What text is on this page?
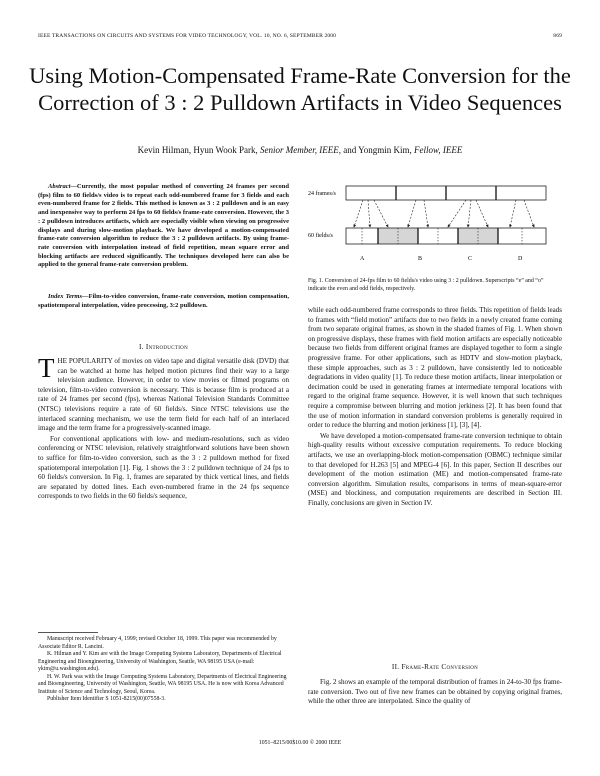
IEEE TRANSACTIONS ON CIRCUITS AND SYSTEMS FOR VIDEO TECHNOLOGY, VOL. 10, NO. 6, SEPTEMBER 2000	869
Using Motion-Compensated Frame-Rate Conversion for the Correction of 3 : 2 Pulldown Artifacts in Video Sequences
Kevin Hilman, Hyun Wook Park, Senior Member, IEEE, and Yongmin Kim, Fellow, IEEE
Abstract—Currently, the most popular method of converting 24 frames per second (fps) film to 60 fields/s video is to repeat each odd-numbered frame for 3 fields and each even-numbered frame for 2 fields. This method is known as 3 : 2 pulldown and is an easy and inexpensive way to perform 24 fps to 60 fields/s frame-rate conversion. However, the 3 : 2 pulldown introduces artifacts, which are especially visible when viewing on progressive displays and during slow-motion playback. We have developed a motion-compensated frame-rate conversion algorithm to reduce the 3 : 2 pulldown artifacts. By using frame-rate conversion with interpolation instead of field repetition, mean square error and blocking artifacts are reduced significantly. The techniques developed here can also be applied to the general frame-rate conversion problem.
Index Terms—Film-to-video conversion, frame-rate conversion, motion compensation, spatiotemporal interpolation, video processing, 3:2 pulldown.
I. Introduction

THE POPULARITY of movies on video tape and digital versatile disk (DVD) that can be watched at home has helped motion pictures find their way to a large television audience. However, in order to view movies or filmed programs on television, film-to-video conversion is necessary. This is because film is produced at a rate of 24 frames per second (fps), whereas National Television Standards Committee (NTSC) televisions require a rate of 60 fields/s. Since NTSC televisions use the interlaced scanning mechanism, we use the term field for each half of an interlaced image and the term frame for a progressively-scanned image.

For conventional applications with low- and medium-resolutions, such as video conferencing or NTSC television, relatively straightforward solutions have been shown to suffice for film-to-video conversion, such as the 3 : 2 pulldown method for fixed spatiotemporal interpolation [1]. Fig. 1 shows the 3 : 2 pulldown technique of 24 fps to 60 fields/s conversion. In Fig. 1, frames are separated by thick vertical lines, and fields are separated by dotted lines. Each even-numbered frame in the 24 fps sequence corresponds to two fields in the 60 fields/s sequence,

Manuscript received February 4, 1999; revised October 18, 1999. This paper was recommended by Associate Editor R. Lancini.

K. Hilman and Y. Kim are with the Image Computing Systems Laboratory, Departments of Electrical Engineering and Bioengineering, University of Washington, Seattle, WA 98195 USA (e-mail: ykim@u.washington.edu).

H. W. Park was with the Image Computing Systems Laboratory, Departments of Electrical Engineering and Bioengineering, University of Washington, Seattle, WA 98195 USA. He is now with Korea Advanced Institute of Science and Technology, Seoul, Korea.

Publisher Item Identifier S 1051-8215(00)07558-3.

24 frames/s
60 fields/s
A	B	C	D
Fig. 1. Conversion of 24-fps film to 60 fields/s video using 3 : 2 pulldown. Superscripts “e” and “o” indicate the even and odd fields, respectively.

while each odd-numbered frame corresponds to three fields. This repetition of fields leads to frames with “field motion” artifacts due to two fields in a newly created frame coming from two separate original frames, as shown in the shaded frames of Fig. 1. When shown on progressive displays, these frames with field motion artifacts are especially noticeable because two fields from different original frames are displayed together to form a single progressive frame. For other applications, such as HDTV and slow-motion playback, these simple approaches, such as 3 : 2 pulldown, have consistently led to noticeable degradations in video quality [1]. To reduce these motion artifacts, linear interpolation or decimation could be used in generating frames at intermediate temporal locations with regard to the original frame sequence. However, it is well known that such techniques require a compromise between blurring and motion jerkiness [2]. It has been found that the use of motion information in standard conversion problems is generally required in order to reduce the blurring and motion jerkiness [1], [3], [4].

We have developed a motion-compensated frame-rate conversion technique to obtain high-quality results without excessive computation requirements. To reduce blocking artifacts, we use an overlapping-block motion-compensation (OBMC) technique similar to that developed for H.263 [5] and MPEG-4 [6]. In this paper, Section II describes our development of the motion estimation (ME) and motion-compensated frame-rate conversion algorithm. Simulation results, comparisons in terms of mean-square-error (MSE) and blockiness, and computation requirements are described in Section III. Finally, conclusions are given in Section IV.

II. Frame-Rate Conversion

Fig. 2 shows an example of the temporal distribution of frames in 24-to-30 fps frame-rate conversion. Two out of five new frames can be obtained by copying original frames, while the other three are interpolated. Since the quality of

1051–8215/00$10.00 © 2000 IEEE
